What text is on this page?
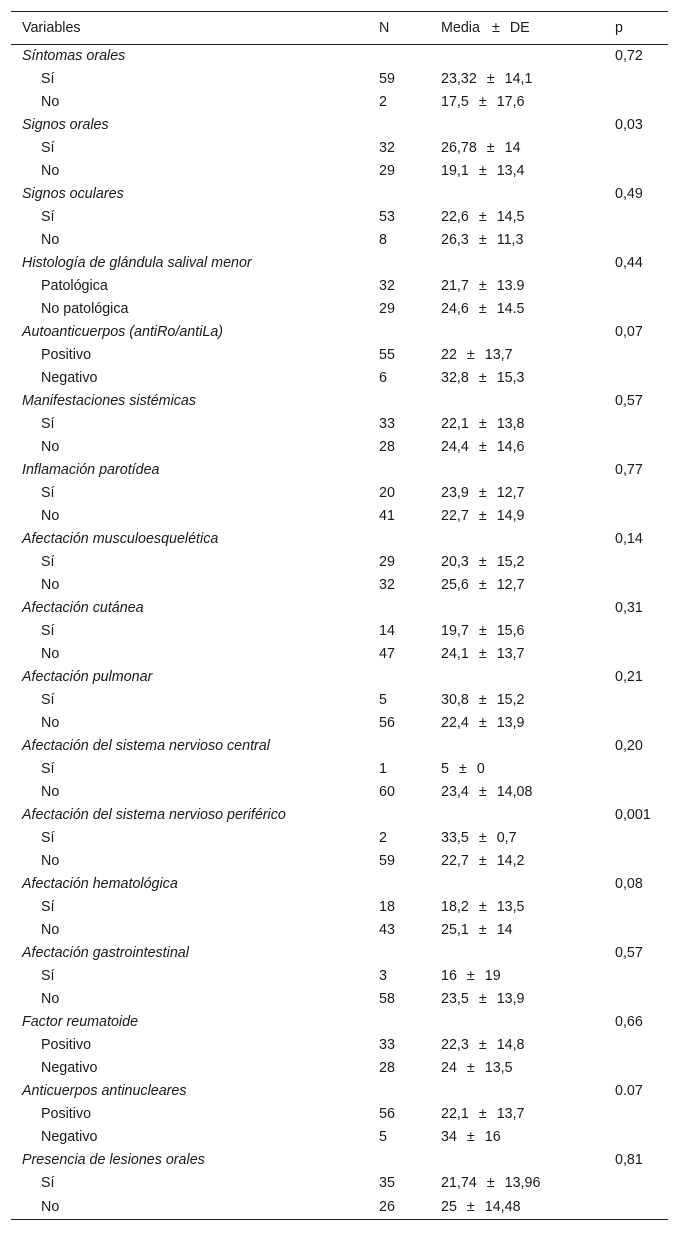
Variables	N	Media ± DE	p
Síntomas orales			0,72
Sí	59	23,32 ± 14,1	
No	2	17,5 ± 17,6	
Signos orales			0,03
Sí	32	26,78 ± 14	
No	29	19,1 ± 13,4	
Signos oculares			0,49
Sí	53	22,6 ± 14,5	
No	8	26,3 ± 11,3	
Histología de glándula salival menor			0,44
Patológica	32	21,7 ± 13.9	
No patológica	29	24,6 ± 14.5	
Autoanticuerpos (antiRo/antiLa)			0,07
Positivo	55	22 ± 13,7	
Negativo	6	32,8 ± 15,3	
Manifestaciones sistémicas			0,57
Sí	33	22,1 ± 13,8	
No	28	24,4 ± 14,6	
Inflamación parotídea			0,77
Sí	20	23,9 ± 12,7	
No	41	22,7 ± 14,9	
Afectación musculoesquelética			0,14
Sí	29	20,3 ± 15,2	
No	32	25,6 ± 12,7	
Afectación cutánea			0,31
Sí	14	19,7 ± 15,6	
No	47	24,1 ± 13,7	
Afectación pulmonar			0,21
Sí	5	30,8 ± 15,2	
No	56	22,4 ± 13,9	
Afectación del sistema nervioso central			0,20
Sí	1	5 ± 0	
No	60	23,4 ± 14,08	
Afectación del sistema nervioso periférico			0,001
Sí	2	33,5 ± 0,7	
No	59	22,7 ± 14,2	
Afectación hematológica			0,08
Sí	18	18,2 ± 13,5	
No	43	25,1 ± 14	
Afectación gastrointestinal			0,57
Sí	3	16 ± 19	
No	58	23,5 ± 13,9	
Factor reumatoide			0,66
Positivo	33	22,3 ± 14,8	
Negativo	28	24 ± 13,5	
Anticuerpos antinucleares			0.07
Positivo	56	22,1 ± 13,7	
Negativo	5	34 ± 16	
Presencia de lesiones orales			0,81
Sí	35	21,74 ± 13,96	
No	26	25 ± 14,48	
